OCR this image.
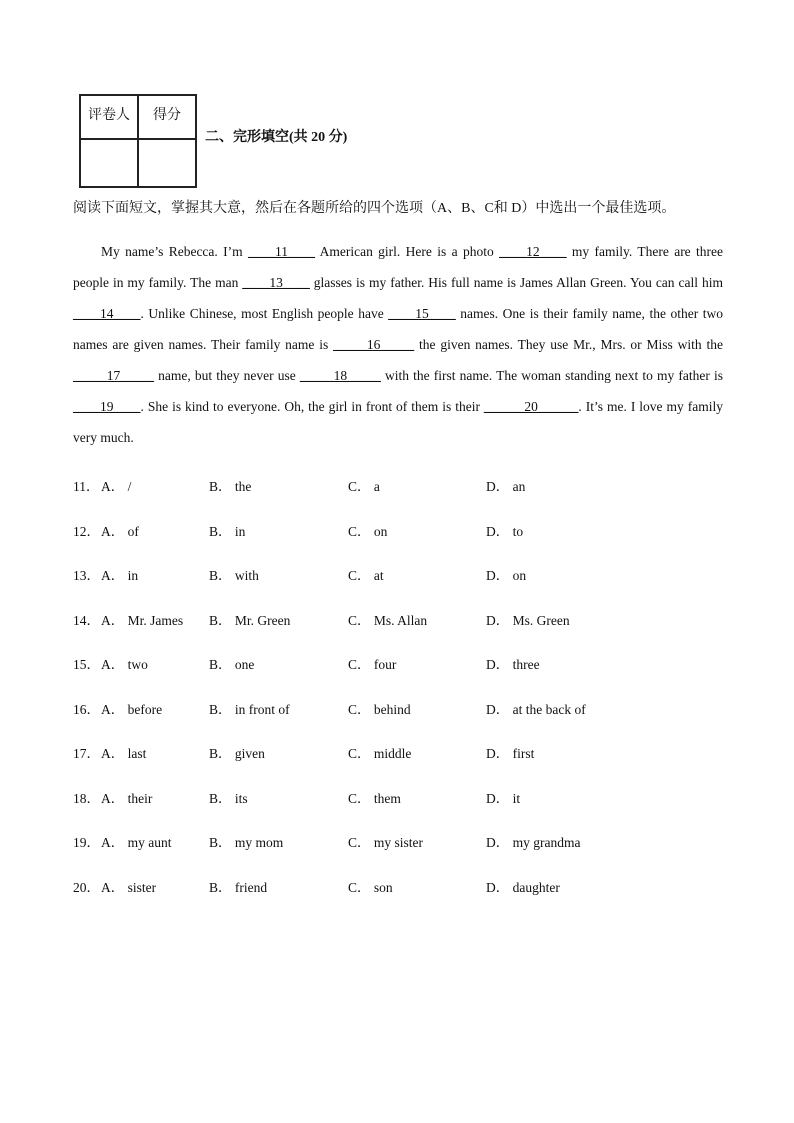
评卷人	得分

二、完形填空(共 20 分)
阅读下面短文，掌握其大意，然后在各题所给的四个选项（A、B、C和 D）中选出一个最佳选项。

My name’s Rebecca. I’m ____11____ American girl. Here is a photo ____12____ my family. There are three people in my family. The man ____13____ glasses is my father. His full name is James Allan Green. You can call him ____14____. Unlike Chinese, most English people have ____15____ names. One is their family name, the other two names are given names. Their family name is _____16_____ the given names. They use Mr., Mrs. or Miss with the _____17_____ name, but they never use _____18_____ with the first name. The woman standing next to my father is ____19____. She is kind to everyone. Oh, the girl in front of them is their ______20______. It’s me. I love my family very much.

11． A． /	B． the	C． a	D． an
12． A． of	B． in	C． on	D． to
13． A． in	B． with	C． at	D． on
14． A． Mr. James B． Mr. Green	C． Ms. Allan	D． Ms. Green
15． A． two	B． one	C． four	D． three
16． A． before	B． in front of	C． behind	D． at the back of
17． A． last	B． given	C． middle	D． first
18． A． their	B． its	C． them	D． it
19． A． my aunt	B． my mom	C． my sister	D． my grandma
20． A． sister	B． friend	C． son	D． daughter
